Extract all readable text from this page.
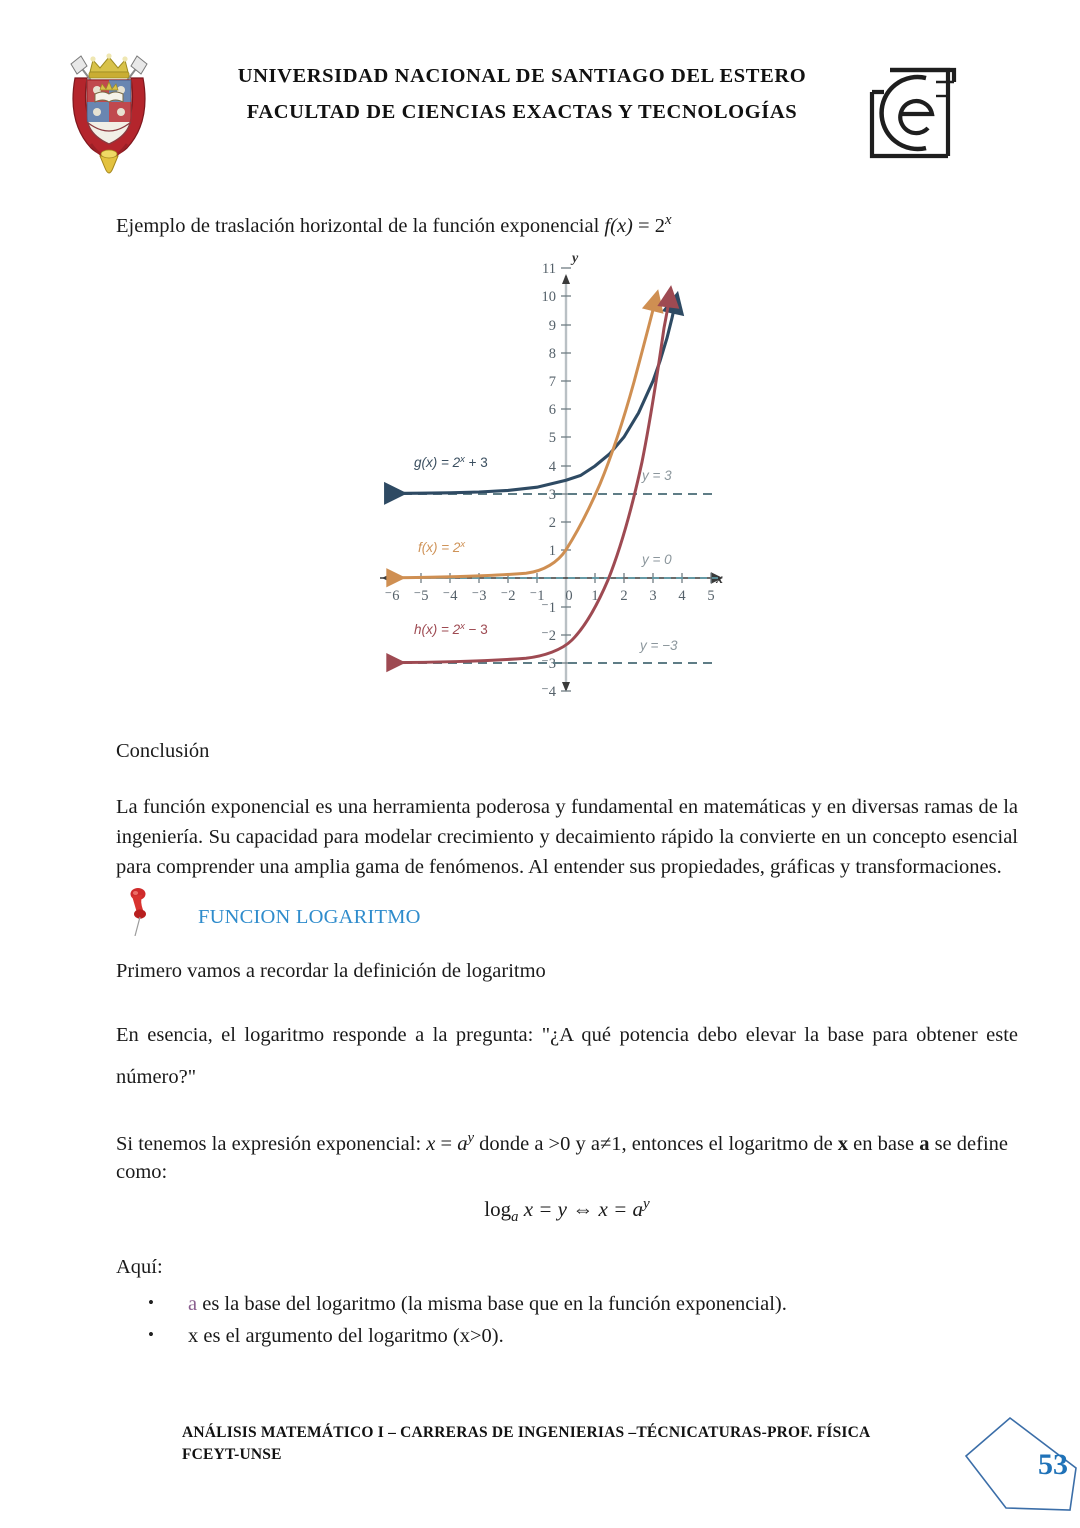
UNIVERSIDAD NACIONAL DE SANTIAGO DEL ESTERO
FACULTAD DE CIENCIAS EXACTAS Y TECNOLOGÍAS
Ejemplo de traslación horizontal de la función exponencial $f(x) = 2^x$
y
x
⁻6 ⁻5 ⁻4 ⁻3 ⁻2 ⁻1 0 1 2 3 4 5
11
10
9
8
7
6
5
4
3
2
1
⁻1
⁻2
⁻3
⁻4
$g(x) = 2^x + 3$
$f(x) = 2^x$
$h(x) = 2^x - 3$
y = 3
y = 0
y = −3

Conclusión

La función exponencial es una herramienta poderosa y fundamental en matemáticas y en diversas ramas de la ingeniería. Su capacidad para modelar crecimiento y decaimiento rápido la convierte en un concepto esencial para comprender una amplia gama de fenómenos. Al entender sus propiedades, gráficas y transformaciones.

FUNCION LOGARITMO

Primero vamos a recordar la definición de logaritmo

En esencia, el logaritmo responde a la pregunta: "¿A qué potencia debo elevar la base para obtener este número?"

Si tenemos la expresión exponencial: $x = a^y$ donde a >0 y a≠1, entonces el logaritmo de x en base a se define como:

$\log_a x = y$ ⇔ $x = a^y$

Aquí:

• a es la base del logaritmo (la misma base que en la función exponencial).
• x es el argumento del logaritmo (x>0).
ANÁLISIS MATEMÁTICO I – CARRERAS DE INGENIERIAS –TÉCNICATURAS-PROF. FÍSICA
FCEYT-UNSE	53
